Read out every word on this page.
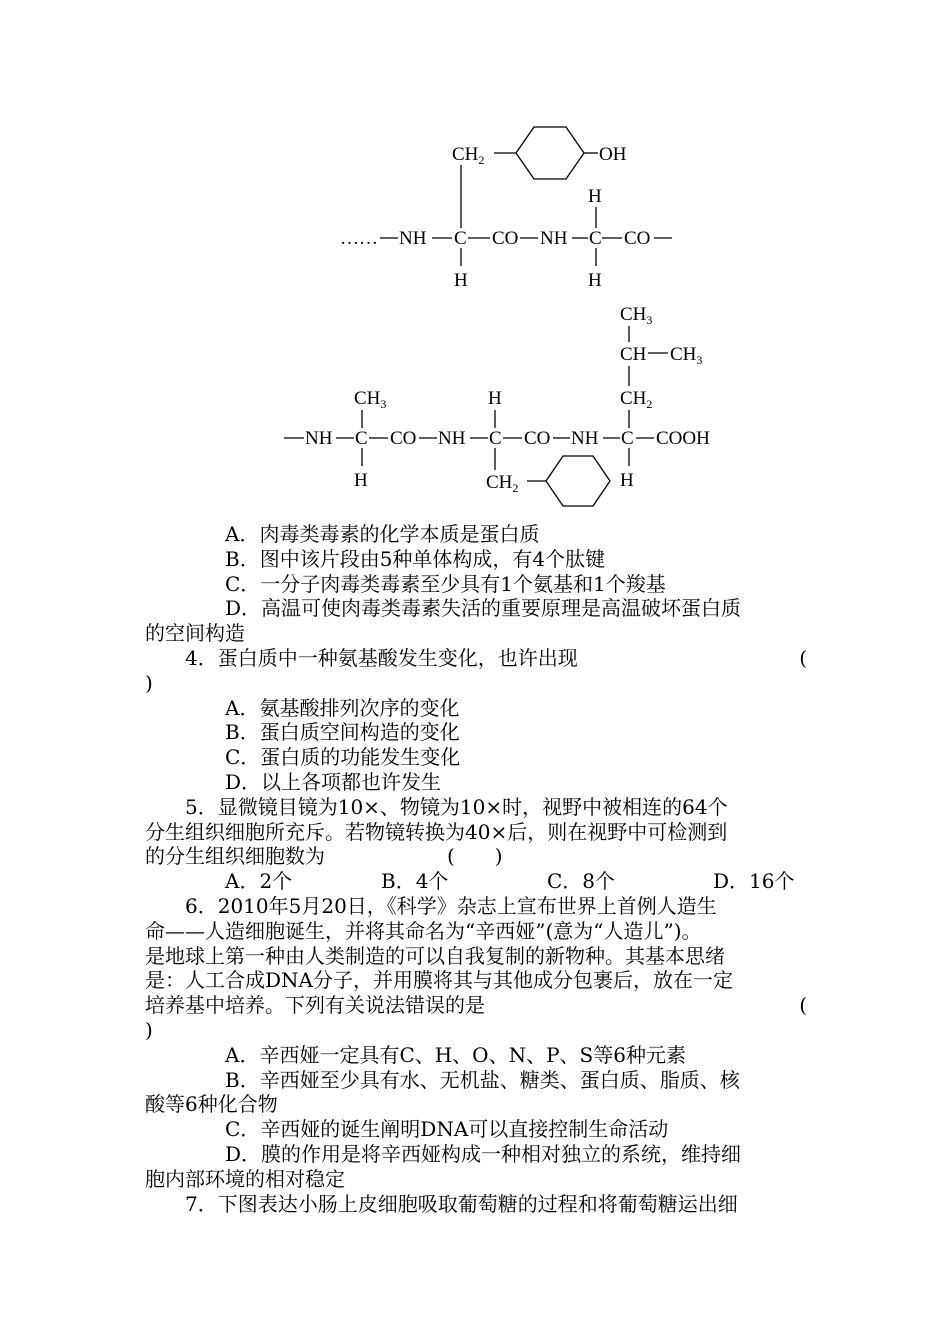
$CH_2$	OH
…… NH C CO NH C CO
H
H
H
$CH_3$
CH $CH_3$
$CH_2$
$CH_3$	H
NH C CO NH C CO NH C COOH
H	$CH_2$	H
A．肉毒类毒素的化学本质是蛋白质
B．图中该片段由5种单体构成，有4个肽键
C．一分子肉毒类毒素至少具有1个氨基和1个羧基
D．高温可使肉毒类毒素失活的重要原理是高温破坏蛋白质
的空间构造
4．蛋白质中一种氨基酸发生变化，也许出现	(
)
A．氨基酸排列次序的变化
B．蛋白质空间构造的变化
C．蛋白质的功能发生变化
D．以上各项都也许发生
5．显微镜目镜为10×、物镜为10×时，视野中被相连的64个
分生组织细胞所充斥。若物镜转换为40×后，则在视野中可检测到
的分生组织细胞数为	(　　)
A．2个	B．4个	C．8个	D．16个
6．2010年5月20日，《科学》杂志上宣布世界上首例人造生
命——人造细胞诞生，并将其命名为“辛西娅”(意为“人造儿”)。
是地球上第一种由人类制造的可以自我复制的新物种。其基本思绪
是：人工合成DNA分子，并用膜将其与其他成分包裹后，放在一定
培养基中培养。下列有关说法错误的是	(
)
A．辛西娅一定具有C、H、O、N、P、S等6种元素
B．辛西娅至少具有水、无机盐、糖类、蛋白质、脂质、核
酸等6种化合物
C．辛西娅的诞生阐明DNA可以直接控制生命活动
D．膜的作用是将辛西娅构成一种相对独立的系统，维持细
胞内部环境的相对稳定
7．下图表达小肠上皮细胞吸取葡萄糖的过程和将葡萄糖运出细
